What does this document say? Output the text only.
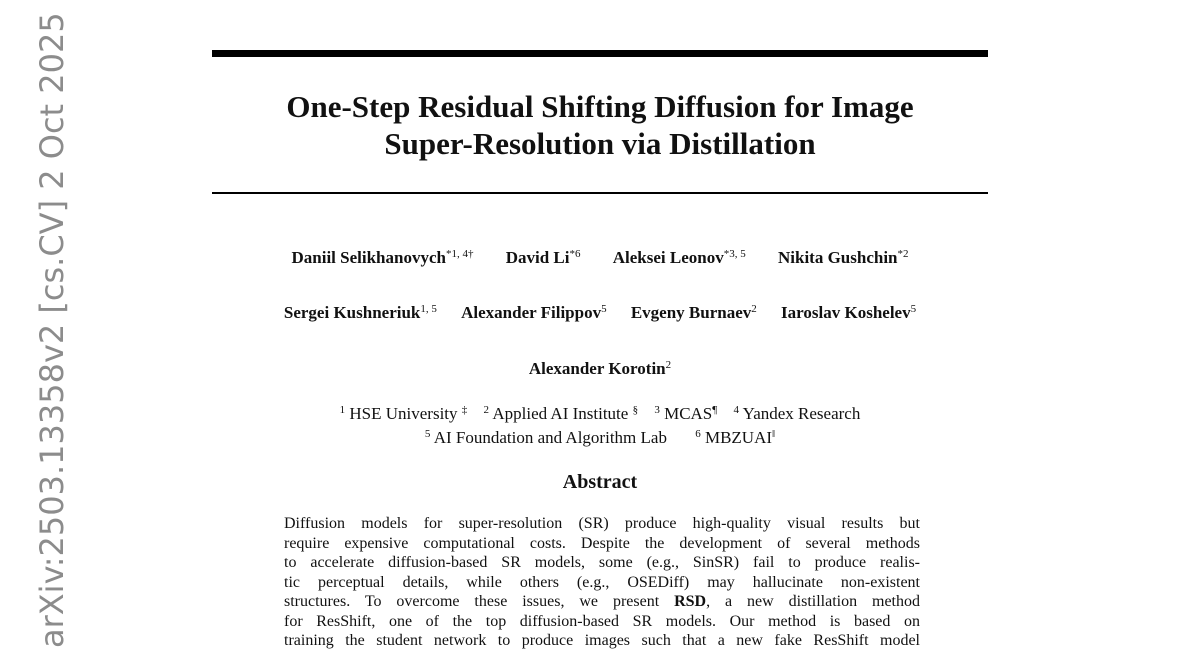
One-Step Residual Shifting Diffusion for Image
Super-Resolution via Distillation
Daniil Selikhanovych$^{*1, 4\dagger}$ David Li$^{*6}$ Aleksei Leonov$^{*3, 5}$ Nikita Gushchin$^{*2}$
Sergei Kushneriuk$^{1, 5}$ Alexander Filippov$^5$ Evgeny Burnaev$^2$ Iaroslav Koshelev$^5$
Alexander Korotin$^2$
$^1$ HSE University ‡ $^2$ Applied AI Institute § $^3$ MCAS¶ $^4$ Yandex Research
$^5$ AI Foundation and Algorithm Lab	$^6$ MBZUAI‖
Abstract
Diffusion models for super-resolution (SR) produce high-quality visual results but
require expensive computational costs. Despite the development of several methods
to accelerate diffusion-based SR models, some (e.g., SinSR) fail to produce realis-
tic perceptual details, while others (e.g., OSEDiff) may hallucinate non-existent
structures. To overcome these issues, we present RSD, a new distillation method
for ResShift, one of the top diffusion-based SR models. Our method is based on
training the student network to produce images such that a new fake ResShift model
arXiv:2503.13358v2 [cs.CV] 2 Oct 2025
